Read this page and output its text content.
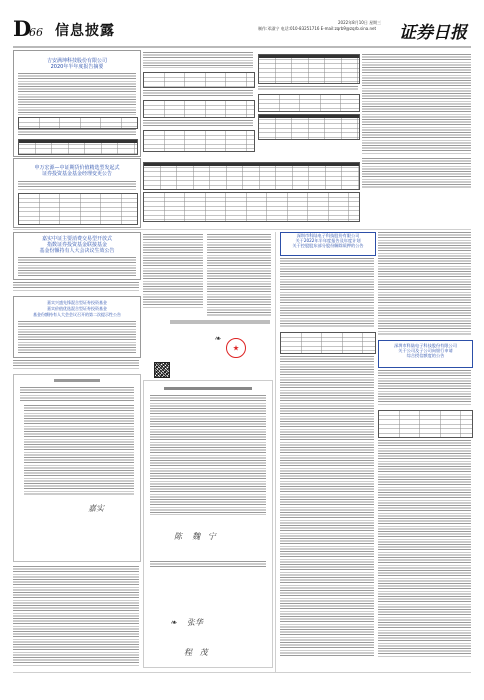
D
66 信息披露
2022年8月10日 星期三
制作:邓淑宁 电话:010-83251716 E-mail:zqrb9@zqrb.sina.net	证券日报
吉安满坤科技股份有限公司
2020年半年度报告摘要
申万宏源—中证期货价值精选型发起式
证券投资基金基金经理变更公告
嘉实中证主要消费交易型开放式
指数证券投资基金联接基金
基金份额持有人大会决议生效公告
嘉实兴盛先锋混合型证券投资基金
嘉实价值优选混合型证券投资基金
基金份额持有人大会会议召开的第二次提示性公告
❧
嘉实
陈    魏   宁
❧    张华
程   茂
深圳市科陆电子科技股份有限公司
关于2022年半年度报告及年度计划
关于控股股东部分股份解除质押的公告
深圳市科陆电子科技股份有限公司
关于公司及子公司向银行申请
综合授信额度的公告
